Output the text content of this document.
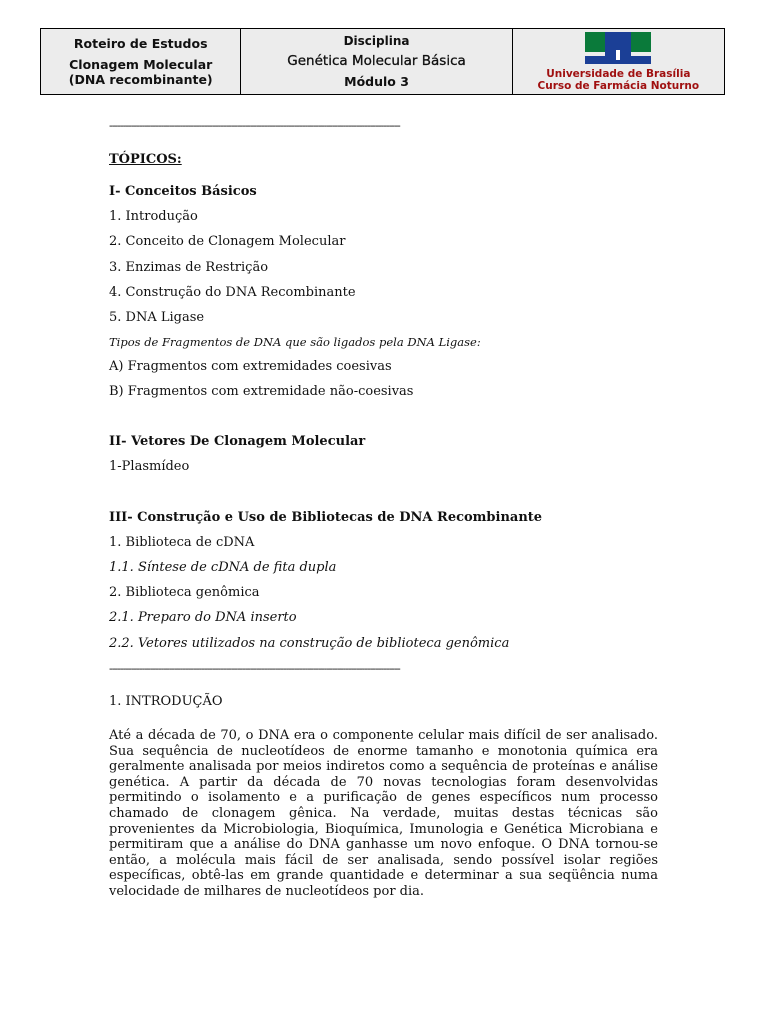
Roteiro de Estudos
Clonagem Molecular
(DNA recombinante)
Disciplina
Genética Molecular Básica
Módulo 3
Universidade de Brasília
Curso de Farmácia Noturno
-----------------------------------------------------------------------------------------------------------
TÓPICOS:
I- Conceitos Básicos
1. Introdução
2. Conceito de Clonagem Molecular
3. Enzimas de Restrição
4. Construção do DNA Recombinante
5. DNA Ligase
Tipos de Fragmentos de DNA que são ligados pela DNA Ligase:
A) Fragmentos com extremidades coesivas
B) Fragmentos com extremidade não-coesivas
II- Vetores De Clonagem Molecular
1-Plasmídeo
III- Construção e Uso de Bibliotecas de DNA Recombinante
1. Biblioteca de cDNA
1.1. Síntese de cDNA de fita dupla
2. Biblioteca genômica
2.1. Preparo do DNA inserto
2.2. Vetores utilizados na construção de biblioteca genômica
-----------------------------------------------------------------------------------------------------------
1. INTRODUÇÃO
Até a década de 70, o DNA era o componente celular mais difícil de ser analisado. Sua sequência de nucleotídeos de enorme tamanho e monotonia química era geralmente analisada por meios indiretos como a sequência de proteínas e análise genética. A partir da década de 70 novas tecnologias foram desenvolvidas permitindo o isolamento e a purificação de genes específicos num processo chamado de clonagem gênica. Na verdade, muitas destas técnicas são provenientes da Microbiologia, Bioquímica, Imunologia e Genética Microbiana e permitiram que a análise do DNA ganhasse um novo enfoque. O DNA tornou-se então, a molécula mais fácil de ser analisada, sendo possível isolar regiões específicas, obtê-las em grande quantidade e determinar a sua seqüência numa velocidade de milhares de nucleotídeos por dia.
